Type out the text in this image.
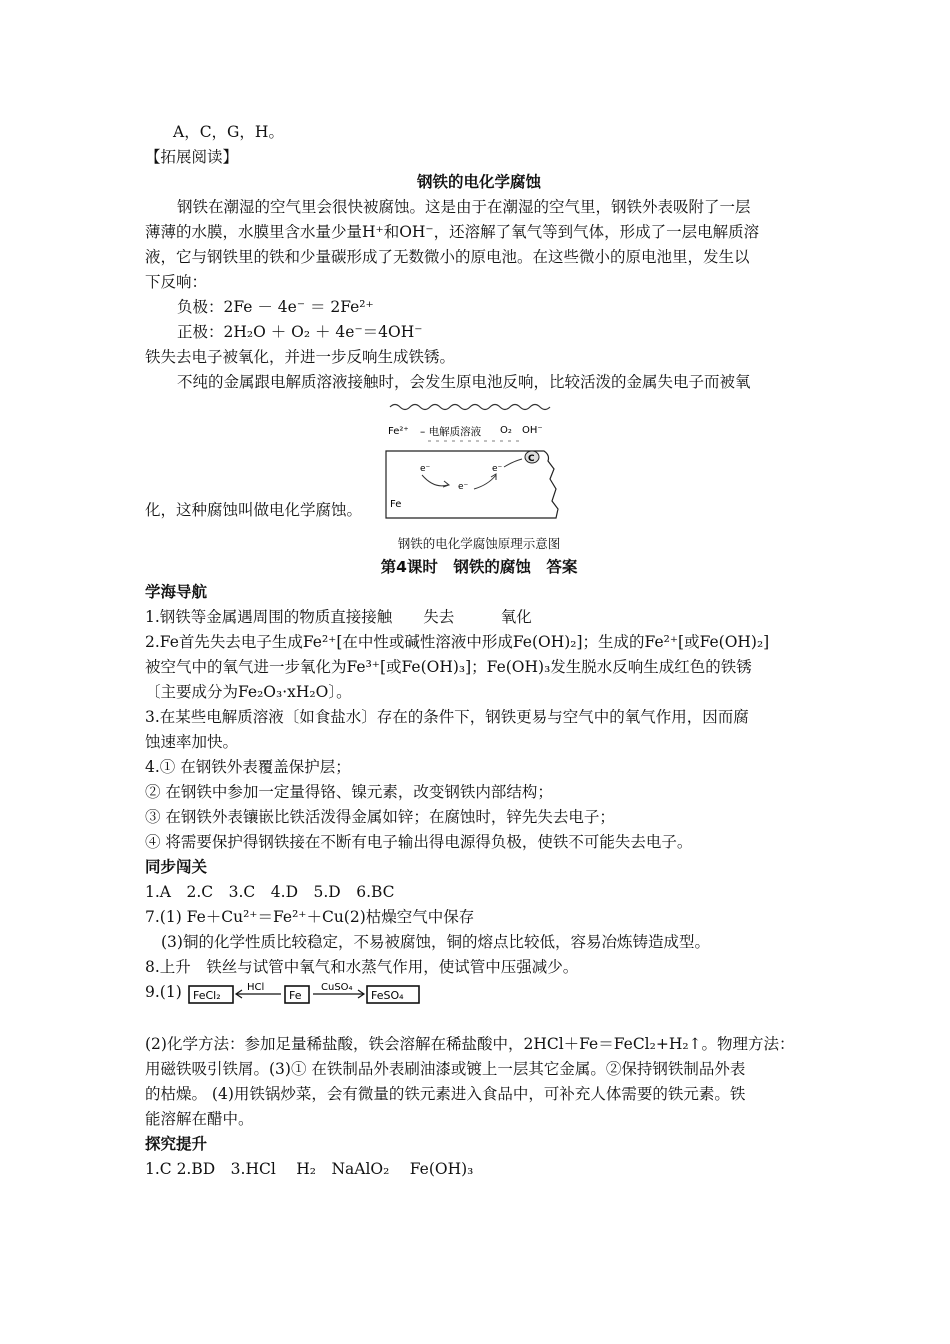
A，C，G，H。
【拓展阅读】
钢铁的电化学腐蚀
钢铁在潮湿的空气里会很快被腐蚀。这是由于在潮湿的空气里，钢铁外表吸附了一层
薄薄的水膜，水膜里含水量少量H⁺和OH⁻，还溶解了氧气等到气体，形成了一层电解质溶
液，它与钢铁里的铁和少量碳形成了无数微小的原电池。在这些微小的原电池里，发生以
下反响：
负极：2Fe － 4e⁻ ＝ 2Fe²⁺
正极：2H₂O ＋ O₂ ＋ 4e⁻＝4OH⁻
铁失去电子被氧化，并进一步反响生成铁锈。
不纯的金属跟电解质溶液接触时，会发生原电池反响，比较活泼的金属失电子而被氧
Fe²⁺ – 电解质溶液 O₂ OH⁻
C
e⁻
e⁻
e⁻
Fe
化，这种腐蚀叫做电化学腐蚀。
钢铁的电化学腐蚀原理示意图
第4课时　钢铁的腐蚀　答案
学海导航
1.钢铁等金属遇周围的物质直接接触　　失去　　　氧化
2.Fe首先失去电子生成Fe²⁺[在中性或碱性溶液中形成Fe(OH)₂]；生成的Fe²⁺[或Fe(OH)₂]
被空气中的氧气进一步氧化为Fe³⁺[或Fe(OH)₃]；Fe(OH)₃发生脱水反响生成红色的铁锈
〔主要成分为Fe₂O₃·xH₂O〕。
3.在某些电解质溶液〔如食盐水〕存在的条件下，钢铁更易与空气中的氧气作用，因而腐
蚀速率加快。
4.① 在钢铁外表覆盖保护层；
② 在钢铁中参加一定量得铬、镍元素，改变钢铁内部结构；
③ 在钢铁外表镶嵌比铁活泼得金属如锌；在腐蚀时，锌先失去电子；
④ 将需要保护得钢铁接在不断有电子输出得电源得负极，使铁不可能失去电子。
同步闯关
1.A　2.C　3.C　4.D　5.D　6.BC
7.(1) Fe＋Cu²⁺＝Fe²⁺＋Cu(2)枯燥空气中保存
(3)铜的化学性质比较稳定，不易被腐蚀，铜的熔点比较低，容易冶炼铸造成型。
8.上升　铁丝与试管中氧气和水蒸气作用，使试管中压强减少。
9.(1) FeCl₂
HCl
Fe
CuSO₄
FeSO₄
(2)化学方法：参加足量稀盐酸，铁会溶解在稀盐酸中，2HCl＋Fe＝FeCl₂+H₂↑。物理方法：
用磁铁吸引铁屑。(3)① 在铁制品外表刷油漆或镀上一层其它金属。②保持钢铁制品外表
的枯燥。 (4)用铁锅炒菜，会有微量的铁元素进入食品中，可补充人体需要的铁元素。铁
能溶解在醋中。
探究提升
1.C 2.BD　3.HCl　 H₂　NaAlO₂　 Fe(OH)₃
